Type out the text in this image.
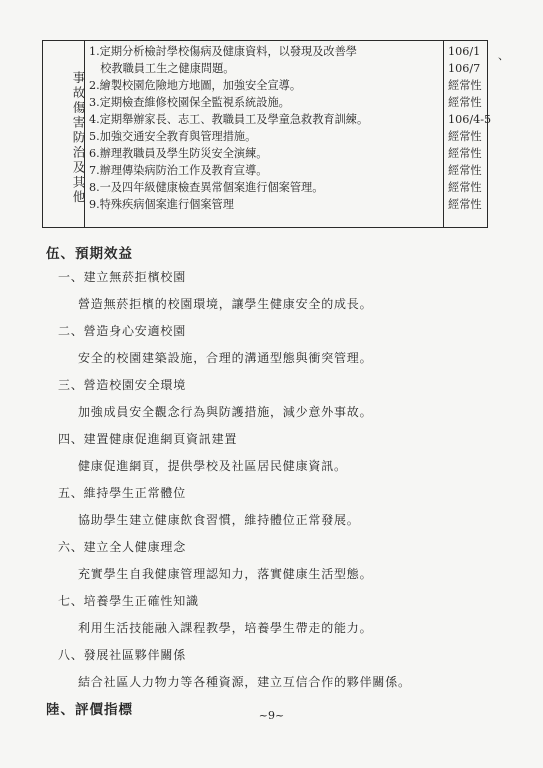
事故傷害防治及其他
1.定期分析檢討學校傷病及健康資料，以發現及改善學
　校教職員工生之健康問題。
2.繪製校園危險地方地圖，加強安全宣導。
3.定期檢查維修校園保全監視系統設施。
4.定期舉辦家長、志工、教職員工及學童急救教育訓練。
5.加強交通安全教育與管理措施。
6.辦理教職員及學生防災安全演練。
7.辦理傳染病防治工作及教育宣導。
8.一及四年級健康檢查異常個案進行個案管理。
9.特殊疾病個案進行個案管理
106/1 、
106/7
經常性
經常性
106/4-5
經常性
經常性
經常性
經常性
經常性
伍、預期效益
一、建立無菸拒檳校園
營造無菸拒檳的校園環境，讓學生健康安全的成長。
二、營造身心安適校園
安全的校園建築設施，合理的溝通型態與衝突管理。
三、營造校園安全環境
加強成員安全觀念行為與防護措施，減少意外事故。
四、建置健康促進網頁資訊建置
健康促進網頁，提供學校及社區居民健康資訊。
五、維持學生正常體位
協助學生建立健康飲食習慣，維持體位正常發展。
六、建立全人健康理念
充實學生自我健康管理認知力，落實健康生活型態。
七、培養學生正確性知識
利用生活技能融入課程教學，培養學生帶走的能力。
八、發展社區夥伴關係
結合社區人力物力等各種資源，建立互信合作的夥伴關係。
陸、評價指標	~9~
